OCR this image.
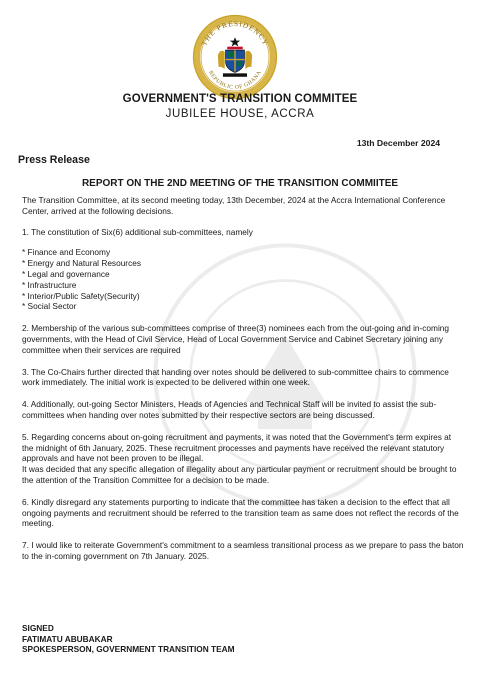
THE PRESIDENCY
REPUBLIC OF GHANA
GOVERNMENT'S TRANSITION COMMITEE
JUBILEE HOUSE, ACCRA
13th December 2024
Press Release
REPORT ON THE 2ND MEETING OF THE TRANSITION COMMIITEE

The Transition Committee, at its second meeting today, 13th December, 2024 at the Accra International Conference Center, arrived at the following decisions.

1. The constitution of Six(6) additional sub-committees, namely

* Finance and Economy

* Energy and Natural Resources

* Legal and governance

* Infrastructure

* Interior/Public Safety(Security)

* Social Sector

2. Membership of the various sub-committees comprise of three(3) nominees each from the out-going and in-coming governments, with the Head of Civil Service, Head of Local Government Service and Cabinet Secretary joining any committee when their services are required

3. The Co-Chairs further directed that handing over notes should be delivered to sub-committee chairs to commence work immediately. The initial work is expected to be delivered within one week.

4. Additionally, out-going Sector Ministers, Heads of Agencies and Technical Staff will be invited to assist the sub-committees when handing over notes submitted by their respective sectors are being discussed.

5. Regarding concerns about on-going recruitment and payments, it was noted that the Government's term expires at the midnight of 6th January, 2025. These recruitment processes and payments have received the relevant statutory approvals and have not been proven to be illegal.

It was decided that any specific allegation of illegality about any particular payment or recruitment should be brought to the attention of the Transition Committee for a decision to be made.

6. Kindly disregard any statements purporting to indicate that the committee has taken a decision to the effect that all ongoing payments and recruitment should be referred to the transition team as same does not reflect the records of the meeting.

7. I would like to reiterate Government's commitment to a seamless transitional process as we prepare to pass the baton to the in-coming government on 7th January. 2025.

SIGNED
FATIMATU ABUBAKAR
SPOKESPERSON, GOVERNMENT TRANSITION TEAM
